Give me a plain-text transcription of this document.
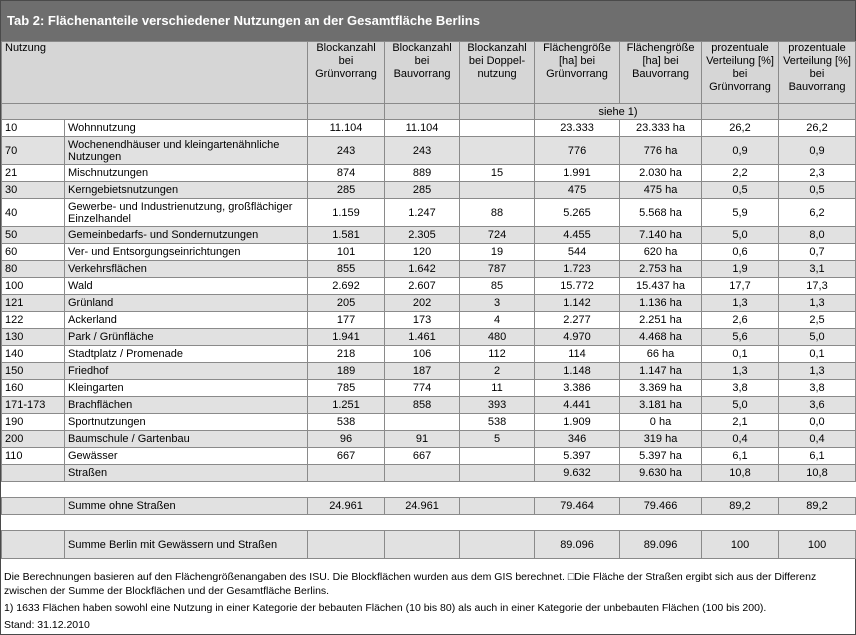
Tab 2: Flächenanteile verschiedener Nutzungen an der Gesamtfläche Berlins
Nutzung		Blockanzahl bei Grünvorrang	Blockanzahl bei Bauvorrang	Blockanzahl bei Doppel-nutzung	Flächengröße [ha] bei Grünvorrang	Flächengröße [ha] bei Bauvorrang	prozentuale Verteilung [%] bei Grünvorrang	prozentuale Verteilung [%] bei Bauvorrang
					siehe 1)			
10	Wohnnutzung	11.104	11.104		23.333	23.333 ha	26,2	26,2
70	Wochenendhäuser und kleingartenähnliche Nutzungen	243	243		776	776 ha	0,9	0,9
21	Mischnutzungen	874	889	15	1.991	2.030 ha	2,2	2,3
30	Kerngebietsnutzungen	285	285		475	475 ha	0,5	0,5
40	Gewerbe- und Industrienutzung, großflächiger Einzelhandel	1.159	1.247	88	5.265	5.568 ha	5,9	6,2
50	Gemeinbedarfs- und Sondernutzungen	1.581	2.305	724	4.455	7.140 ha	5,0	8,0
60	Ver- und Entsorgungseinrichtungen	101	120	19	544	620 ha	0,6	0,7
80	Verkehrsflächen	855	1.642	787	1.723	2.753 ha	1,9	3,1
100	Wald	2.692	2.607	85	15.772	15.437 ha	17,7	17,3
121	Grünland	205	202	3	1.142	1.136 ha	1,3	1,3
122	Ackerland	177	173	4	2.277	2.251 ha	2,6	2,5
130	Park / Grünfläche	1.941	1.461	480	4.970	4.468 ha	5,6	5,0
140	Stadtplatz / Promenade	218	106	112	114	66 ha	0,1	0,1
150	Friedhof	189	187	2	1.148	1.147 ha	1,3	1,3
160	Kleingarten	785	774	11	3.386	3.369 ha	3,8	3,8
171-173	Brachflächen	1.251	858	393	4.441	3.181 ha	5,0	3,6
190	Sportnutzungen	538		538	1.909	0 ha	2,1	0,0
200	Baumschule / Gartenbau	96	91	5	346	319 ha	0,4	0,4
110	Gewässer	667	667		5.397	5.397 ha	6,1	6,1
	Straßen				9.632	9.630 ha	10,8	10,8

	Summe ohne Straßen	24.961	24.961		79.464	79.466	89,2	89,2

	Summe Berlin mit Gewässern und Straßen				89.096	89.096	100	100
Die Berechnungen basieren auf den Flächengrößenangaben des ISU. Die Blockflächen wurden aus dem GIS berechnet. □Die Fläche der Straßen ergibt sich aus der Differenz zwischen der Summe der Blockflächen und der Gesamtfläche Berlins.
1) 1633 Flächen haben sowohl eine Nutzung in einer Kategorie der bebauten Flächen (10 bis 80) als auch in einer Kategorie der unbebauten Flächen (100 bis 200).
Stand: 31.12.2010
